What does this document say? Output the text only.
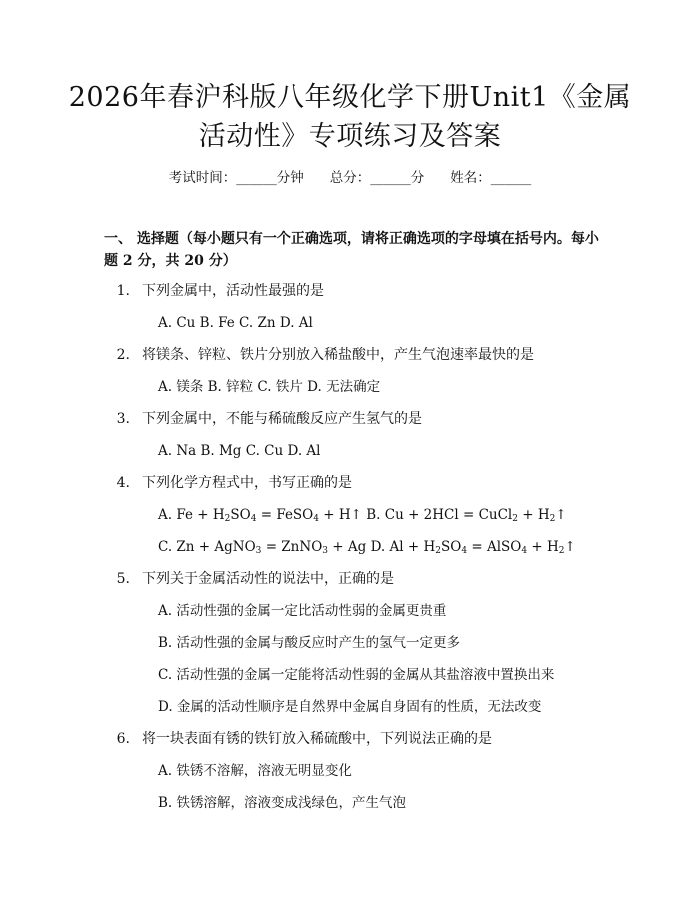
2026年春沪科版八年级化学下册Unit1《金属活动性》专项练习及答案
考试时间：______分钟 总分：______分 姓名：______

一、 选择题（每小题只有一个正确选项，请将正确选项的字母填在括号内。每小题 2 分，共 20 分）

1. 下列金属中，活动性最强的是
A. Cu B. Fe C. Zn D. Al
2. 将镁条、锌粒、铁片分别放入稀盐酸中，产生气泡速率最快的是
A. 镁条 B. 锌粒 C. 铁片 D. 无法确定
3. 下列金属中，不能与稀硫酸反应产生氢气的是
A. Na B. Mg C. Cu D. Al
4. 下列化学方程式中，书写正确的是
A. $Fe + H_2SO_4$ = FeSO$_4$ + H↑ B. Cu + 2HCl = CuCl$_2$ + $H_2↑$
C. Zn + AgNO$_3$ = ZnNO$_3$ + Ag D. $Al + H_2SO_4$ = AlSO$_4$ + $H_2↑$
5. 下列关于金属活动性的说法中，正确的是
A. 活动性强的金属一定比活动性弱的金属更贵重
B. 活动性强的金属与酸反应时产生的氢气一定更多
C. 活动性强的金属一定能将活动性弱的金属从其盐溶液中置换出来
D. 金属的活动性顺序是自然界中金属自身固有的性质，无法改变
6. 将一块表面有锈的铁钉放入稀硫酸中，下列说法正确的是
A. 铁锈不溶解，溶液无明显变化
B. 铁锈溶解，溶液变成浅绿色，产生气泡
